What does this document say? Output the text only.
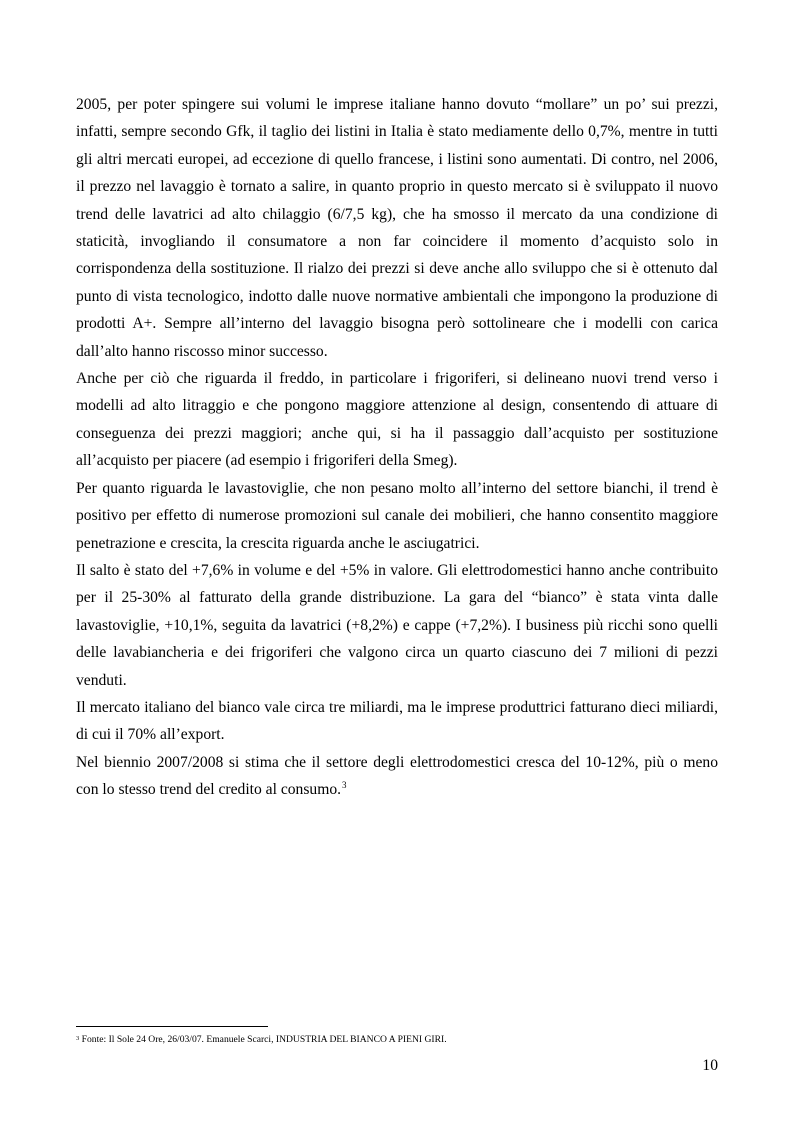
2005, per poter spingere sui volumi le imprese italiane hanno dovuto “mollare” un po’ sui prezzi, infatti, sempre secondo Gfk, il taglio dei listini in Italia è stato mediamente dello 0,7%, mentre in tutti gli altri mercati europei, ad eccezione di quello francese, i listini sono aumentati. Di contro, nel 2006, il prezzo nel lavaggio è tornato a salire, in quanto proprio in questo mercato si è sviluppato il nuovo trend delle lavatrici ad alto chilaggio (6/7,5 kg), che ha smosso il mercato da una condizione di staticità, invogliando il consumatore a non far coincidere il momento d’acquisto solo in corrispondenza della sostituzione. Il rialzo dei prezzi si deve anche allo sviluppo che si è ottenuto dal punto di vista tecnologico, indotto dalle nuove normative ambientali che impongono la produzione di prodotti A+. Sempre all’interno del lavaggio bisogna però sottolineare che i modelli con carica dall’alto hanno riscosso minor successo.

Anche per ciò che riguarda il freddo, in particolare i frigoriferi, si delineano nuovi trend verso i modelli ad alto litraggio e che pongono maggiore attenzione al design, consentendo di attuare di conseguenza dei prezzi maggiori; anche qui, si ha il passaggio dall’acquisto per sostituzione all’acquisto per piacere (ad esempio i frigoriferi della Smeg).

Per quanto riguarda le lavastoviglie, che non pesano molto all’interno del settore bianchi, il trend è positivo per effetto di numerose promozioni sul canale dei mobilieri, che hanno consentito maggiore penetrazione e crescita, la crescita riguarda anche le asciugatrici.

Il salto è stato del +7,6% in volume e del +5% in valore. Gli elettrodomestici hanno anche contribuito per il 25-30% al fatturato della grande distribuzione. La gara del “bianco” è stata vinta dalle lavastoviglie, +10,1%, seguita da lavatrici (+8,2%) e cappe (+7,2%). I business più ricchi sono quelli delle lavabiancheria e dei frigoriferi che valgono circa un quarto ciascuno dei 7 milioni di pezzi venduti.

Il mercato italiano del bianco vale circa tre miliardi, ma le imprese produttrici fatturano dieci miliardi, di cui il 70% all’export.

Nel biennio 2007/2008 si stima che il settore degli elettrodomestici cresca del 10-12%, più o meno con lo stesso trend del credito al consumo.$^3$

$^3$ Fonte: Il Sole 24 Ore, 26/03/07. Emanuele Scarci, INDUSTRIA DEL BIANCO A PIENI GIRI.

10
